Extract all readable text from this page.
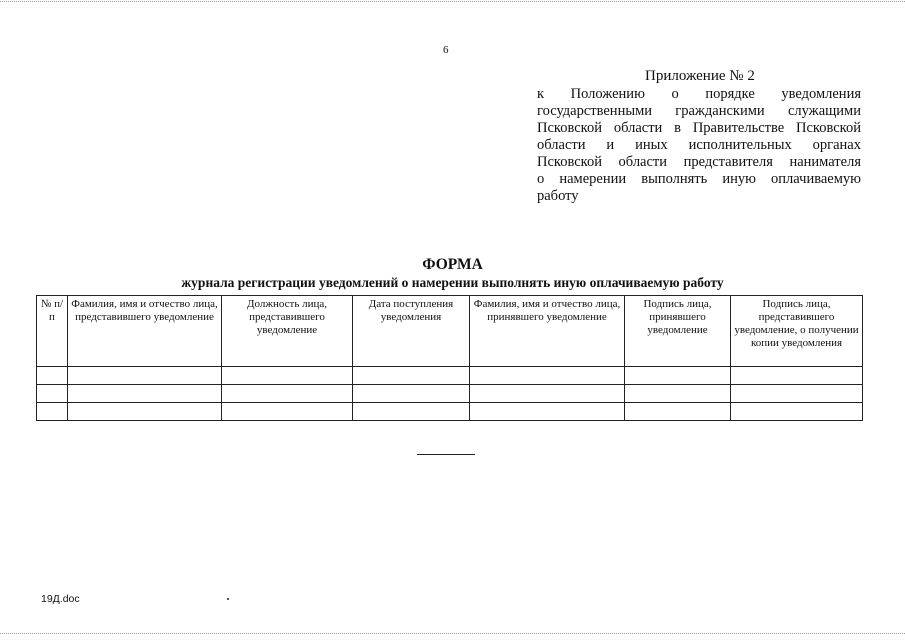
6
Приложение № 2
к Положению о порядке уведомления
государственными гражданскими служащими
Псковской области в Правительстве Псковской
области и иных исполнительных органах
Псковской области представителя нанимателя
о намерении выполнять иную оплачиваемую
работу
ФОРМА
журнала регистрации уведомлений о намерении выполнять иную оплачиваемую работу
№ п/п	Фамилия, имя и отчество лица, представившего уведомление	Должность лица, представившего уведомление	Дата поступления уведомления	Фамилия, имя и отчество лица, принявшего уведомление	Подпись лица, принявшего уведомление	Подпись лица, представившего уведомление, о получении копии уведомления

19Д.doc
